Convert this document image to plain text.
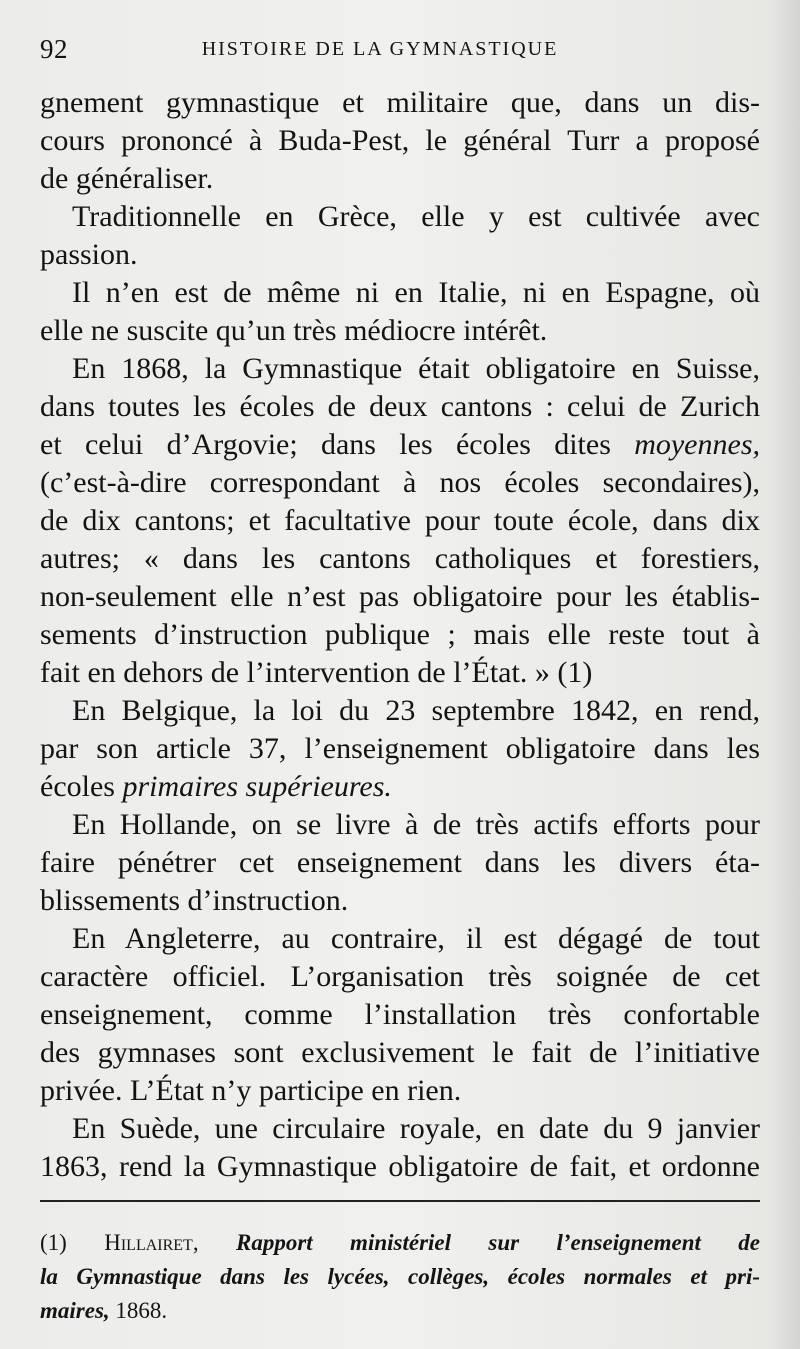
92	HISTOIRE DE LA GYMNASTIQUE
gnement gymnastique et militaire que, dans un dis-
cours prononcé à Buda-Pest, le général Turr a proposé
de généraliser.
Traditionnelle en Grèce, elle y est cultivée avec
passion.
Il n’en est de même ni en Italie, ni en Espagne, où
elle ne suscite qu’un très médiocre intérêt.
En 1868, la Gymnastique était obligatoire en Suisse,
dans toutes les écoles de deux cantons : celui de Zurich
et celui d’Argovie; dans les écoles dites moyennes,
(c’est-à-dire correspondant à nos écoles secondaires),
de dix cantons; et facultative pour toute école, dans dix
autres; « dans les cantons catholiques et forestiers,
non-seulement elle n’est pas obligatoire pour les établis-
sements d’instruction publique ; mais elle reste tout à
fait en dehors de l’intervention de l’État. » (1)
En Belgique, la loi du 23 septembre 1842, en rend,
par son article 37, l’enseignement obligatoire dans les
écoles primaires supérieures.
En Hollande, on se livre à de très actifs efforts pour
faire pénétrer cet enseignement dans les divers éta-
blissements d’instruction.
En Angleterre, au contraire, il est dégagé de tout
caractère officiel. L’organisation très soignée de cet
enseignement, comme l’installation très confortable
des gymnases sont exclusivement le fait de l’initiative
privée. L’État n’y participe en rien.
En Suède, une circulaire royale, en date du 9 janvier
1863, rend la Gymnastique obligatoire de fait, et ordonne
(1) Hillairet, Rapport ministériel sur l’enseignement de
la Gymnastique dans les lycées, collèges, écoles normales et pri-
maires, 1868.
